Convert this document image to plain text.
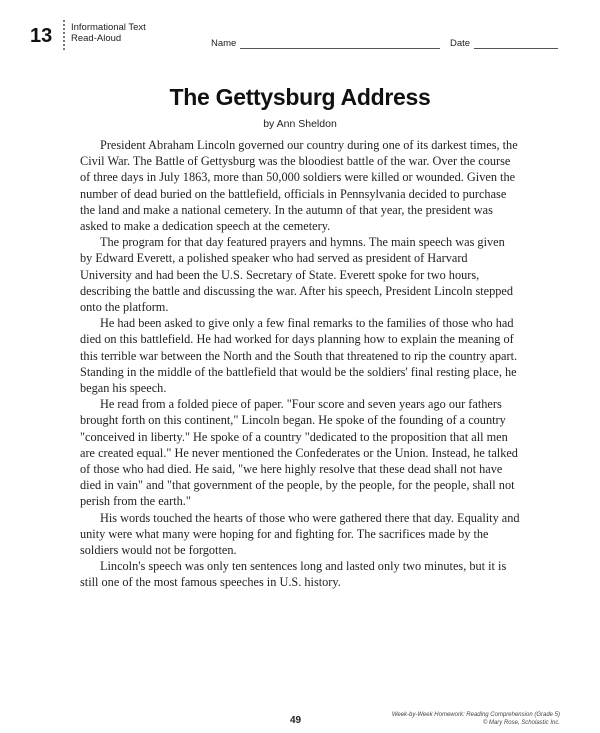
13 Informational Text
Read-Aloud	Name	Date
The Gettysburg Address
by Ann Sheldon

President Abraham Lincoln governed our country during one of its darkest times, the Civil War. The Battle of Gettysburg was the bloodiest battle of the war. Over the course of three days in July 1863, more than 50,000 soldiers were killed or wounded. Given the number of dead buried on the battlefield, officials in Pennsylvania decided to purchase the land and make a national cemetery. In the autumn of that year, the president was asked to make a dedication speech at the cemetery.

The program for that day featured prayers and hymns. The main speech was given by Edward Everett, a polished speaker who had served as president of Harvard University and had been the U.S. Secretary of State. Everett spoke for two hours, describing the battle and discussing the war. After his speech, President Lincoln stepped onto the platform.

He had been asked to give only a few final remarks to the families of those who had died on this battlefield. He had worked for days planning how to explain the meaning of this terrible war between the North and the South that threatened to rip the country apart. Standing in the middle of the battlefield that would be the soldiers' final resting place, he began his speech.

He read from a folded piece of paper. "Four score and seven years ago our fathers brought forth on this continent," Lincoln began. He spoke of the founding of a country "conceived in liberty." He spoke of a country "dedicated to the proposition that all men are created equal." He never mentioned the Confederates or the Union. Instead, he talked of those who had died. He said, "we here highly resolve that these dead shall not have died in vain" and "that government of the people, by the people, for the people, shall not perish from the earth."

His words touched the hearts of those who were gathered there that day. Equality and unity were what many were hoping for and fighting for. The sacrifices made by the soldiers would not be forgotten.

Lincoln's speech was only ten sentences long and lasted only two minutes, but it is still one of the most famous speeches in U.S. history.

49	Week-by-Week Homework: Reading Comprehension (Grade 5)
© Mary Rose, Scholastic Inc.
